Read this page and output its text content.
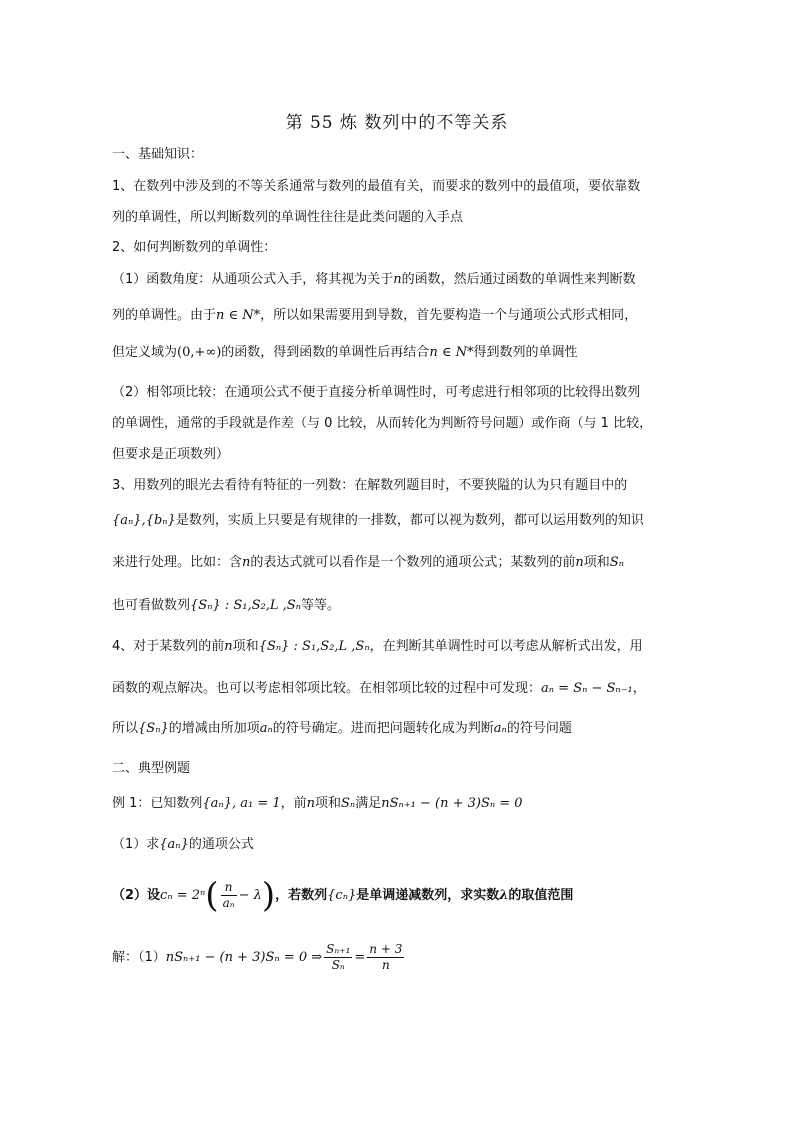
第 55 炼 数列中的不等关系
一、基础知识：
1、在数列中涉及到的不等关系通常与数列的最值有关，而要求的数列中的最值项，要依靠数
列的单调性，所以判断数列的单调性往往是此类问题的入手点
2、如何判断数列的单调性：
（1）函数角度：从通项公式入手，将其视为关于n的函数，然后通过函数的单调性来判断数
列的单调性。由于n ∈ N*，所以如果需要用到导数，首先要构造一个与通项公式形式相同，
但定义域为(0,+∞)的函数，得到函数的单调性后再结合n ∈ N*得到数列的单调性
（2）相邻项比较：在通项公式不便于直接分析单调性时，可考虑进行相邻项的比较得出数列
的单调性，通常的手段就是作差（与 0 比较，从而转化为判断符号问题）或作商（与 1 比较，
但要求是正项数列）
3、用数列的眼光去看待有特征的一列数：在解数列题目时，不要狭隘的认为只有题目中的
{aₙ},{bₙ}是数列，实质上只要是有规律的一排数，都可以视为数列，都可以运用数列的知识
来进行处理。比如：含n的表达式就可以看作是一个数列的通项公式；某数列的前n项和Sₙ
也可看做数列{Sₙ} : S₁,S₂,L ,Sₙ等等。
4、对于某数列的前n项和{Sₙ} : S₁,S₂,L ,Sₙ，在判断其单调性时可以考虑从解析式出发，用
函数的观点解决。也可以考虑相邻项比较。在相邻项比较的过程中可发现：aₙ = Sₙ − Sₙ₋₁，
所以{Sₙ}的增减由所加项aₙ的符号确定。进而把问题转化成为判断aₙ的符号问题
二、典型例题
例 1：已知数列{aₙ}, a₁ = 1，前n项和Sₙ满足nSₙ₊₁ − (n + 3)Sₙ = 0
（1）求{aₙ}的通项公式
（2）设$c_n = 2^n( \frac{n}{\text{aₙ}} - \lambda)$，若数列{cₙ}是单调递减数列，求实数λ的取值范围
解：（1）nSₙ₊₁ − (n + 3)Sₙ = 0 ⇒ $\frac{\text{Sₙ₊₁}}{\text{Sₙ}} = \frac{n + 3}{n}$
